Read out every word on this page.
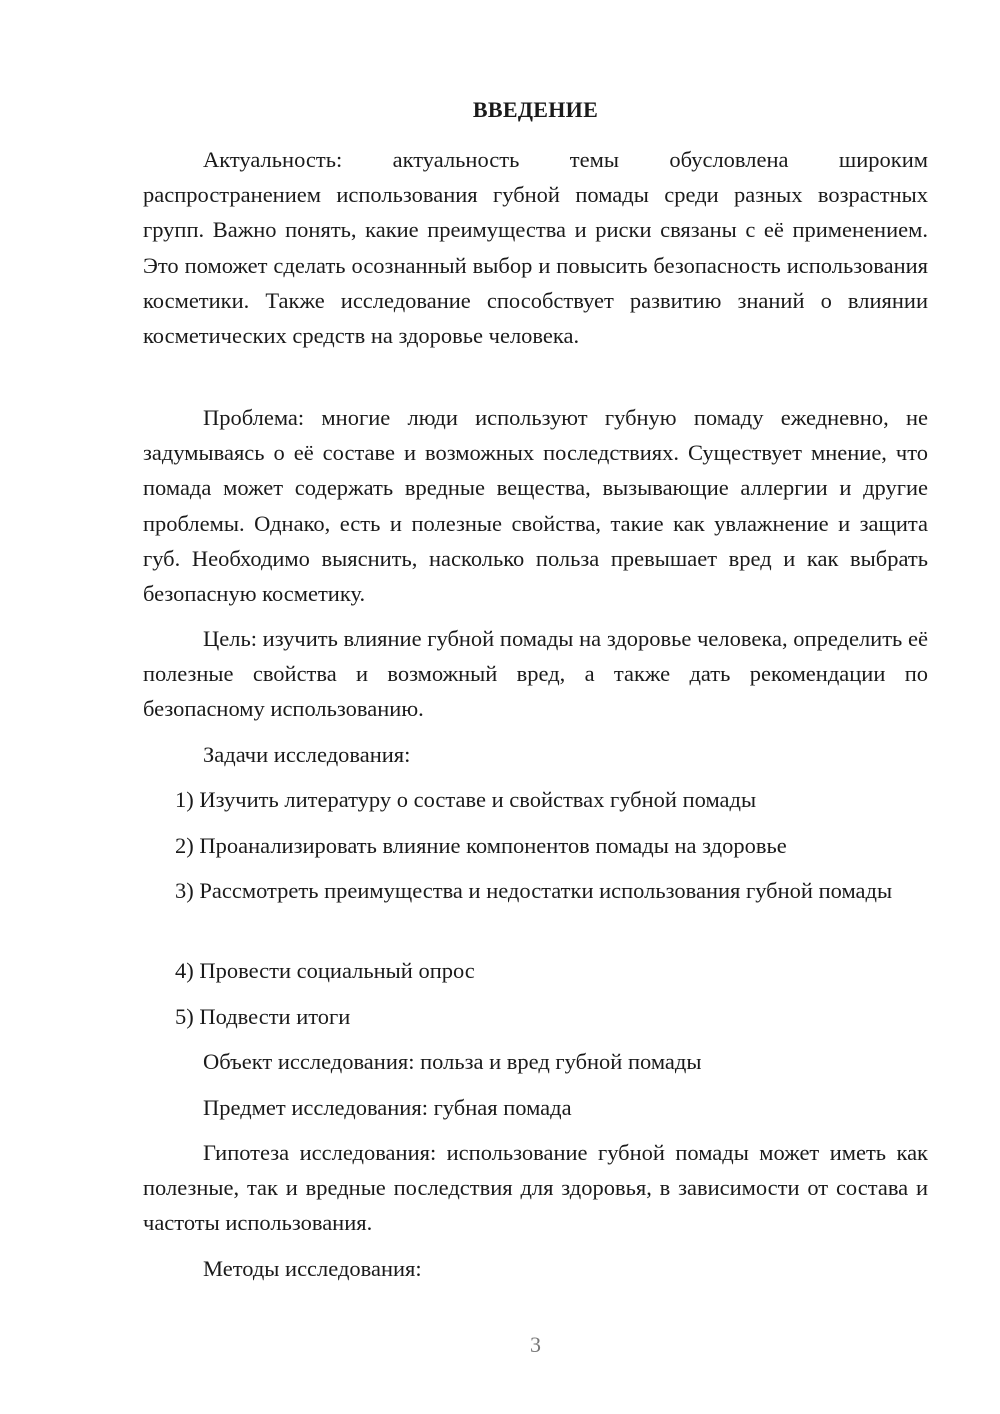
ВВЕДЕНИЕ

Актуальность: актуальность темы обусловлена широким распространением использования губной помады среди разных возрастных групп. Важно понять, какие преимущества и риски связаны с её применением. Это поможет сделать осознанный выбор и повысить безопасность использования косметики. Также исследование способствует развитию знаний о влиянии косметических средств на здоровье человека.

Проблема: многие люди используют губную помаду ежедневно, не задумываясь о её составе и возможных последствиях. Существует мнение, что помада может содержать вредные вещества, вызывающие аллергии и другие проблемы. Однако, есть и полезные свойства, такие как увлажнение и защита губ. Необходимо выяснить, насколько польза превышает вред и как выбрать безопасную косметику.

Цель: изучить влияние губной помады на здоровье человека, определить её полезные свойства и возможный вред, а также дать рекомендации по безопасному использованию.

Задачи исследования:

1) Изучить литературу о составе и свойствах губной помады

2) Проанализировать влияние компонентов помады на здоровье

3) Рассмотреть преимущества и недостатки использования губной помады

4) Провести социальный опрос

5) Подвести итоги

Объект исследования: польза и вред губной помады

Предмет исследования: губная помада

Гипотеза исследования: использование губной помады может иметь как полезные, так и вредные последствия для здоровья, в зависимости от состава и частоты использования.

Методы исследования:

3
